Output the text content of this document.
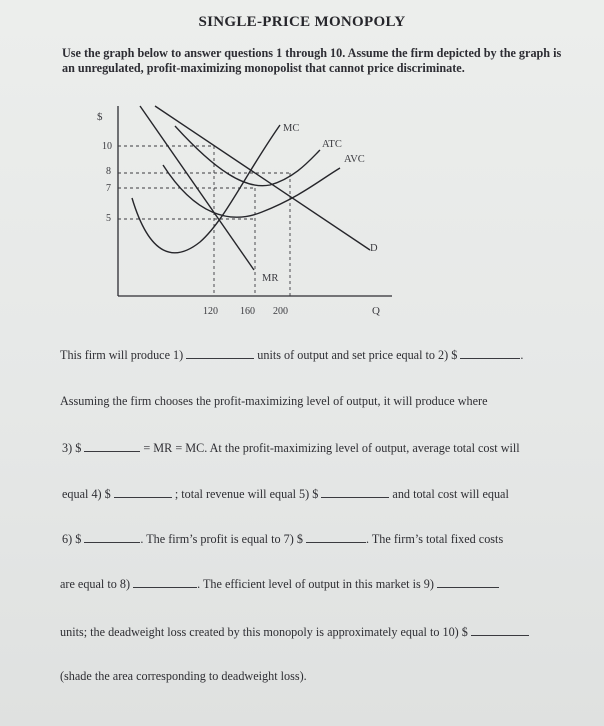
SINGLE-PRICE MONOPOLY
Use the graph below to answer questions 1 through 10. Assume the firm depicted by the graph is an unregulated, profit-maximizing monopolist that cannot price discriminate.
$
Q
10
8
7
5
120 160 200
MC
ATC
AVC
D
MR
This firm will produce 1)	units of output and set price equal to 2) $	.
Assuming the firm chooses the profit-maximizing level of output, it will produce where
3) $	= MR = MC. At the profit-maximizing level of output, average total cost will
equal 4) $	; total revenue will equal 5) $	and total cost will equal
6) $	. The firm’s profit is equal to 7) $	. The firm’s total fixed costs
are equal to 8)	. The efficient level of output in this market is 9)
units; the deadweight loss created by this monopoly is approximately equal to 10) $
(shade the area corresponding to deadweight loss).
